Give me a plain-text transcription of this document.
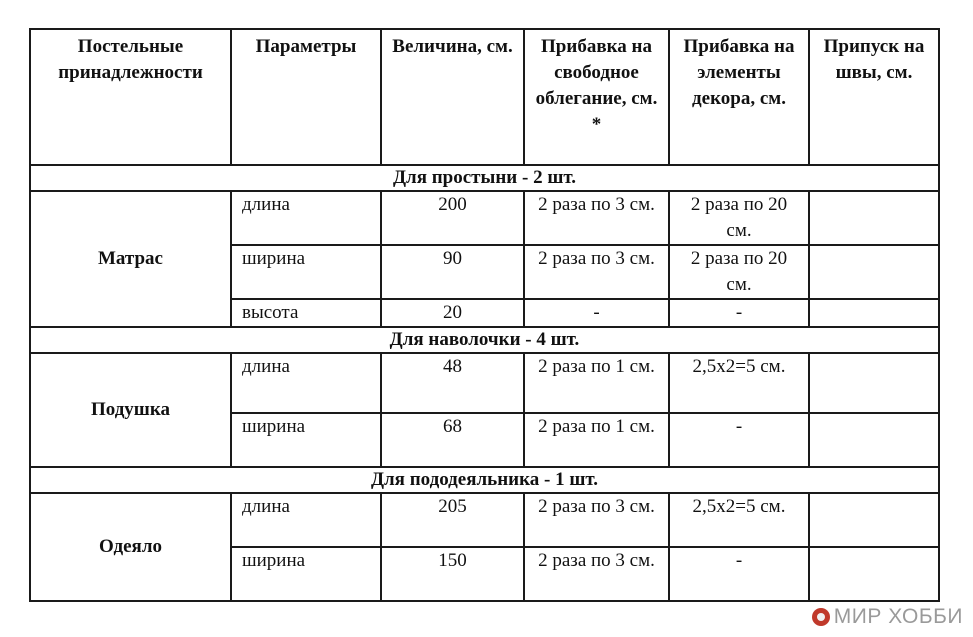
Постельные принадлежности	Параметры	Величина, см.	Прибавка на свободное облегание, см. *	Прибавка на элементы декора, см.	Припуск на швы, см.
Для простыни - 2 шт.					
Матрас	длина	200	2 раза по 3 см.	2 раза по 20 см.	
	ширина	90	2 раза по 3 см.	2 раза по 20 см.	
	высота	20	-	-	
Для наволочки - 4 шт.					
Подушка	длина	48	2 раза по 1 см.	2,5х2=5 см.	
	ширина	68	2 раза по 1 см.	-	
Для пододеяльника - 1 шт.					
Одеяло	длина	205	2 раза по 3 см.	2,5х2=5 см.	
	ширина	150	2 раза по 3 см.	-	
МИР ХОББИ
